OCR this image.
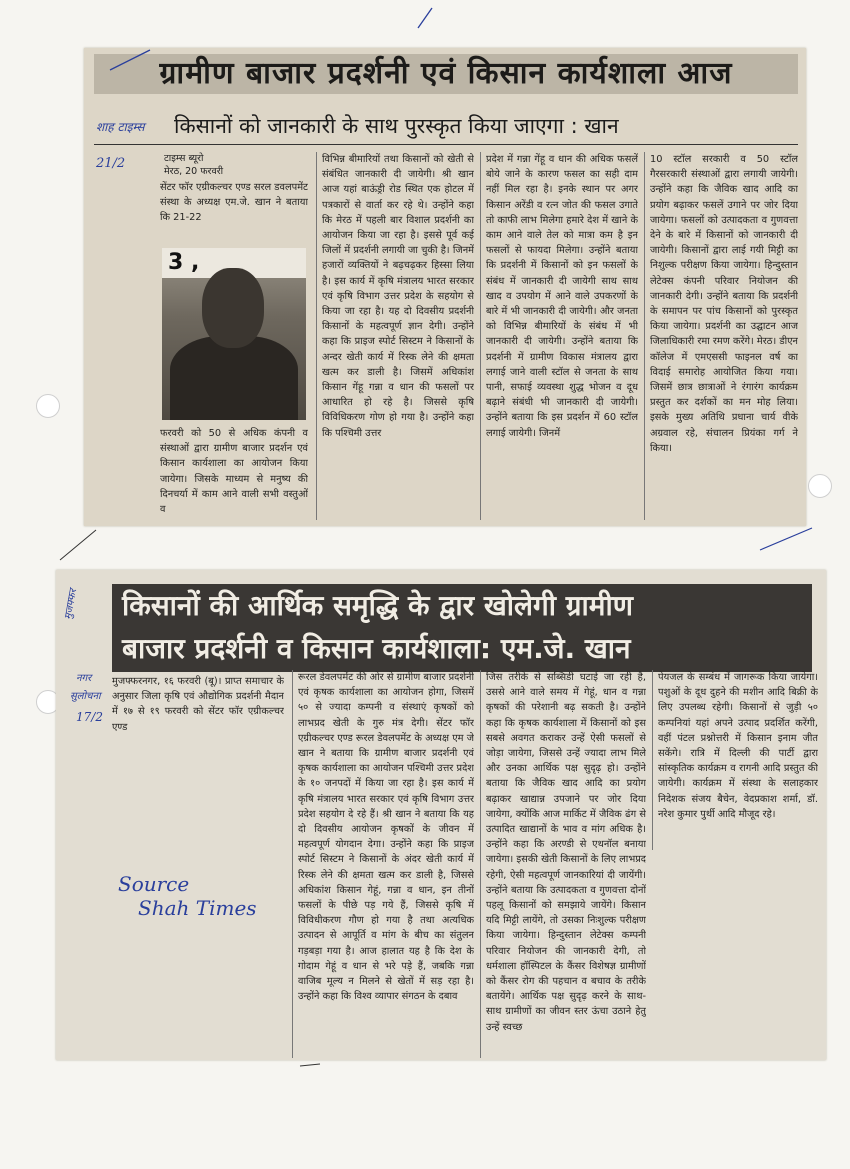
ग्रामीण बाजार प्रदर्शनी एवं किसान कार्यशाला आज
किसानों को जानकारी के साथ पुरस्कृत किया जाएगा : खान
टाइम्स ब्यूरो
मेरठ, 20 फरवरी
सेंटर फॉर एग्रीकल्चर एण्ड सरल डवलपमेंट संस्था के अध्यक्ष एम.जे. खान ने बताया कि 21-22
3 ,
फरवरी को 50 से अधिक कंपनी व संस्थाओं द्वारा ग्रामीण बाजार प्रदर्शन एवं किसान कार्यशाला का आयोजन किया जायेगा। जिसके माध्यम से मनुष्य की दिनचर्या में काम आने वाली सभी वस्तुओं व
विभिन्न बीमारियों तथा किसानों को खेती से संबंधित जानकारी दी जायेगी। श्री खान आज यहां बाऊंड्री रोड स्थित एक होटल में पत्रकारों से वार्ता कर रहे थे। उन्होंने कहा कि मेरठ में पहली बार विशाल प्रदर्शनी का आयोजन किया जा रहा है। इससे पूर्व कई जिलों में प्रदर्शनी लगायी जा चुकी है। जिनमें हजारों व्यक्तियों ने बढ़चढ़कर हिस्सा लिया है। इस कार्य में कृषि मंत्रालय भारत सरकार एवं कृषि विभाग उत्तर प्रदेश के सहयोग से किया जा रहा है। यह दो दिवसीय प्रदर्शनी किसानों के महत्वपूर्ण ज्ञान देगी। उन्होंने कहा कि प्राइज स्पोर्ट सिस्टम ने किसानों के अन्दर खेती कार्य में रिस्क लेने की क्षमता खत्म कर डाली है। जिसमें अधिकांश किसान गेंहू गन्ना व धान की फसलों पर आधारित हो रहे है। जिससे कृषि विविधिकरण गोण हो गया है। उन्होंने कहा कि पश्चिमी उत्तर
प्रदेश में गन्ना गेंहू व धान की अधिक फसलें बोये जाने के कारण फसल का सही दाम नहीं मिल रहा है। इनके स्थान पर अगर किसान अरेंडी व रत्न जोत की फसल उगाते तो काफी लाभ मिलेगा हमारे देश में खाने के काम आने वाले तेल को मात्रा कम है इन फसलों से फायदा मिलेगा। उन्होंने बताया कि प्रदर्शनी में किसानों को इन फसलों के संबंध में जानकारी दी जायेगी साथ साथ खाद व उपयोग में आने वाले उपकरणों के बारे में भी जानकारी दी जायेगी। और जनता को विभिन्न बीमारियों के संबंध में भी जानकारी दी जायेगी। उन्होंने बताया कि प्रदर्शनी में ग्रामीण विकास मंत्रालय द्वारा लगाई जाने वाली स्टॉल से जनता के साथ पानी, सफाई व्यवस्था शुद्ध भोजन व दूध बढ़ाने संबंधी भी जानकारी दी जायेगी। उन्होंने बताया कि इस प्रदर्शन में 60 स्टॉल लगाई जायेगी। जिनमें
10 स्टॉल सरकारी व 50 स्टॉल गैरसरकारी संस्थाओं द्वारा लगायी जायेगी। उन्होंने कहा कि जैविक खाद आदि का प्रयोग बढ़ाकर फसलें उगाने पर जोर दिया जायेगा। फसलों को उत्पादकता व गुणवत्ता देने के बारे में किसानों को जानकारी दी जायेगी। किसानों द्वारा लाई गयी मिट्टी का निशुल्क परीक्षण किया जायेगा। हिन्दुस्तान लेटेक्स कंपनी परिवार नियोजन की जानकारी देगी। उन्होंने बताया कि प्रदर्शनी के समापन पर पांच किसानों को पुरस्कृत किया जायेगा। प्रदर्शनी का उद्घाटन आज जिलाधिकारी रमा रमण करेंगे। मेरठ। डीएन कॉलेज में एमएससी फाइनल वर्ष का विदाई समारोह आयोजित किया गया। जिसमें छात्र छात्राओं ने रंगारंग कार्यक्रम प्रस्तुत कर दर्शकों का मन मोह लिया। इसके मुख्य अतिथि प्रधाना चार्य वीके अग्रवाल रहे, संचालन प्रियंका गर्ग ने किया।
किसानों की आर्थिक समृद्धि के द्वार खोलेगी ग्रामीण
बाजार प्रदर्शनी व किसान कार्यशाला: एम.जे. खान
मुजफ्फरनगर, १६ फरवरी (बू)। प्राप्त समाचार के अनुसार जिला कृषि एवं औद्योगिक प्रदर्शनी मैदान में १७ से १९ फरवरी को सेंटर फॉर एग्रीकल्चर एण्ड
रूरल डेवलपमेंट की ओर से ग्रामीण बाजार प्रदर्शनी एवं कृषक कार्यशाला का आयोजन होगा, जिसमें ५० से ज्यादा कम्पनी व संस्थाएं कृषकों को लाभप्रद खेती के गुरु मंत्र देगी। सेंटर फॉर एग्रीकल्चर एण्ड रूरल डेवलपमेंट के अध्यक्ष एम जे खान ने बताया कि ग्रामीण बाजार प्रदर्शनी एवं कृषक कार्यशाला का आयोजन पश्चिमी उत्तर प्रदेश के १० जनपदों में किया जा रहा है। इस कार्य में कृषि मंत्रालय भारत सरकार एवं कृषि विभाग उत्तर प्रदेश सहयोग दे रहे हैं। श्री खान ने बताया कि यह दो दिवसीय आयोजन कृषकों के जीवन में महत्वपूर्ण योगदान देगा। उन्होंने कहा कि प्राइज स्पोर्ट सिस्टम ने किसानों के अंदर खेती कार्य में रिस्क लेने की क्षमता खत्म कर डाली है, जिससे अधिकांश किसान गेहूं, गन्ना व धान, इन तीनों फसलों के पीछे पड़ गये हैं, जिससे कृषि में विविधीकरण गौण हो गया है तथा अत्यधिक उत्पादन से आपूर्ति व मांग के बीच का संतुलन गड़बड़ा गया है। आज हालात यह है कि देश के गोदाम गेहूं व धान से भरे पड़े हैं, जबकि गन्ना वाजिब मूल्य न मिलने से खेतों में सड़ रहा है। उन्होंने कहा कि विश्व व्यापार संगठन के दबाव
जिस तरीके से सब्सिडी घटाई जा रही है, उससे आने वाले समय में गेहूं, धान व गन्ना कृषकों की परेशानी बढ़ सकती है। उन्होंने कहा कि कृषक कार्यशाला में किसानों को इस सबसे अवगत कराकर उन्हें ऐसी फसलों से जोड़ा जायेगा, जिससे उन्हें ज्यादा लाभ मिले और उनका आर्थिक पक्ष सुदृढ़ हो। उन्होंने बताया कि जैविक खाद आदि का प्रयोग बढ़ाकर खाद्यान्न उपजाने पर जोर दिया जायेगा, क्योंकि आज मार्किट में जैविक ढंग से उत्पादित खाद्यानों के भाव व मांग अधिक है। उन्होंने कहा कि अरण्डी से एथनॉल बनाया जायेगा। इसकी खेती किसानों के लिए लाभप्रद रहेगी, ऐसी महत्वपूर्ण जानकारियां दी जायेंगी। उन्होंने बताया कि उत्पादकता व गुणवत्ता दोनों पहलू किसानों को समझाये जायेंगे। किसान यदि मिट्टी लायेंगे, तो उसका निःशुल्क परीक्षण किया जायेगा। हिन्दुस्तान लेटेक्स कम्पनी परिवार नियोजन की जानकारी देगी, तो धर्मशाला हॉस्पिटल के कैंसर विशेषज्ञ ग्रामीणों को कैंसर रोग की पहचान व बचाव के तरीके बतायेंगे। आर्थिक पक्ष सुदृढ़ करने के साथ-साथ ग्रामीणों का जीवन स्तर ऊंचा उठाने हेतु उन्हें स्वच्छ
पेयजल के सम्बंध में जागरूक किया जायेगा। पशुओं के दूध दुहने की मशीन आदि बिक्री के लिए उपलब्ध रहेगी। किसानों से जुड़ी ५० कम्पनियां यहां अपने उत्पाद प्रदर्शित करेंगी, वहीं पंटल प्रश्नोत्तरी में किसान इनाम जीत सकेंगे। रात्रि में दिल्ली की पार्टी द्वारा सांस्कृतिक कार्यक्रम व रागनी आदि प्रस्तुत की जायेगी। कार्यक्रम में संस्था के सलाहकार निदेशक संजय बैचेन, वेदप्रकाश शर्मा, डॉ. नरेश कुमार पुर्थी आदि मौजूद रहे।
शाह टाइम्स
21/2
मुजफ्फर
नगर
सुलोचना
17/2
Source
Shah Times
